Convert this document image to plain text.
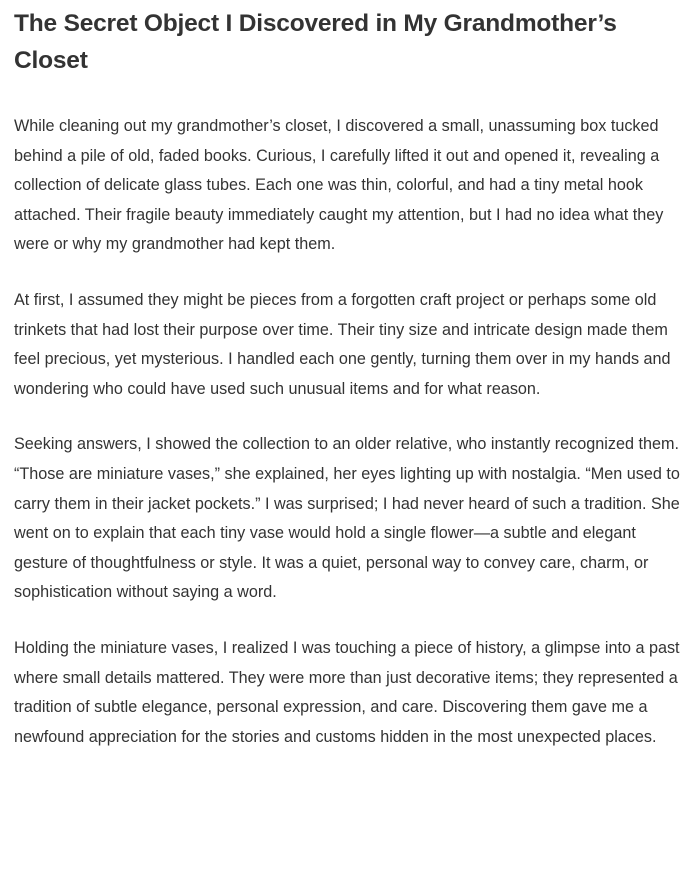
The Secret Object I Discovered in My Grandmother’s Closet

While cleaning out my grandmother’s closet, I discovered a small, unassuming box tucked behind a pile of old, faded books. Curious, I carefully lifted it out and opened it, revealing a collection of delicate glass tubes. Each one was thin, colorful, and had a tiny metal hook attached. Their fragile beauty immediately caught my attention, but I had no idea what they were or why my grandmother had kept them.

At first, I assumed they might be pieces from a forgotten craft project or perhaps some old trinkets that had lost their purpose over time. Their tiny size and intricate design made them feel precious, yet mysterious. I handled each one gently, turning them over in my hands and wondering who could have used such unusual items and for what reason.

Seeking answers, I showed the collection to an older relative, who instantly recognized them. “Those are miniature vases,” she explained, her eyes lighting up with nostalgia. “Men used to carry them in their jacket pockets.” I was surprised; I had never heard of such a tradition. She went on to explain that each tiny vase would hold a single flower—a subtle and elegant gesture of thoughtfulness or style. It was a quiet, personal way to convey care, charm, or sophistication without saying a word.

Holding the miniature vases, I realized I was touching a piece of history, a glimpse into a past where small details mattered. They were more than just decorative items; they represented a tradition of subtle elegance, personal expression, and care. Discovering them gave me a newfound appreciation for the stories and customs hidden in the most unexpected places.
